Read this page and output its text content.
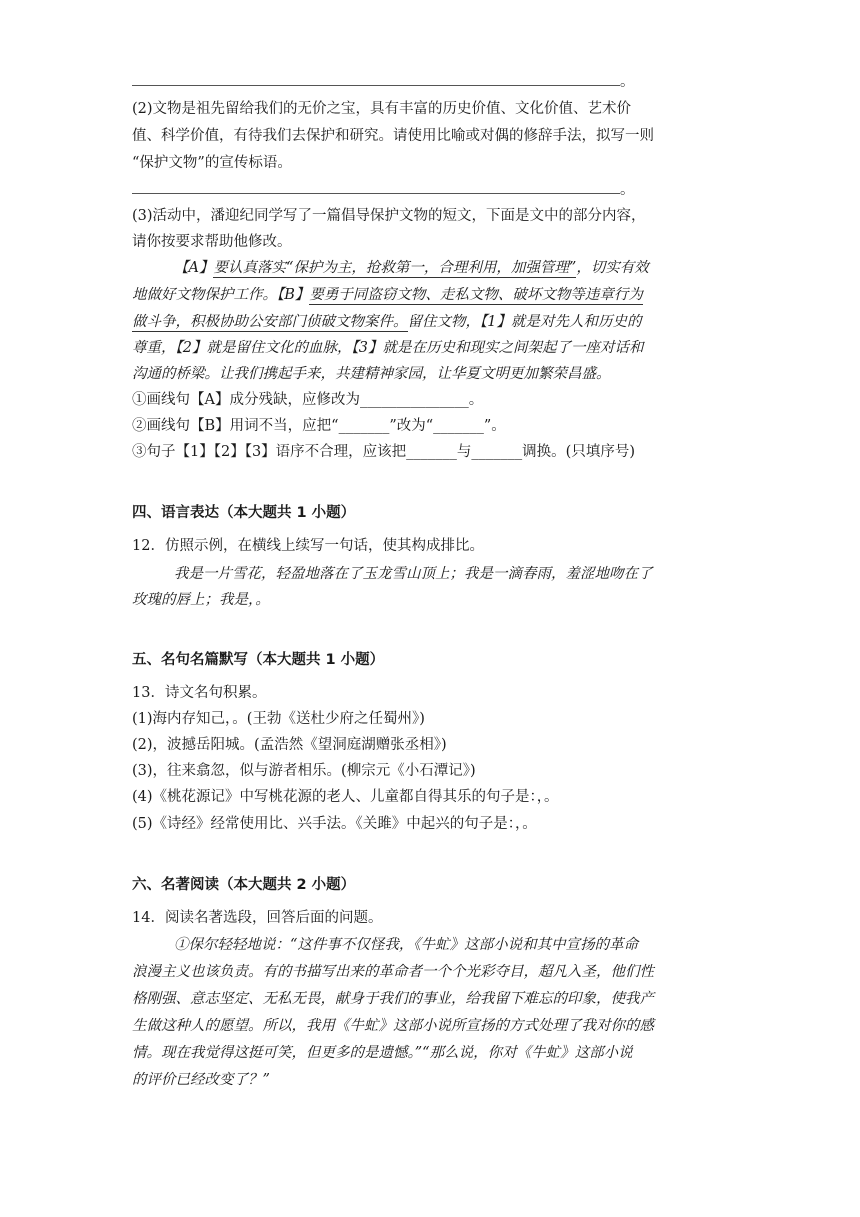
。
(2)文物是祖先留给我们的无价之宝，具有丰富的历史价值、文化价值、艺术价
值、科学价值，有待我们去保护和研究。请使用比喻或对偶的修辞手法，拟写一则
“保护文物”的宣传标语。
。
(3)活动中，潘迎纪同学写了一篇倡导保护文物的短文，下面是文中的部分内容，
请你按要求帮助他修改。
【A】要认真落实“保护为主，抢救第一，合理利用，加强管理”，切实有效
地做好文物保护工作。【B】要勇于同盗窃文物、走私文物、破坏文物等违章行为
做斗争，积极协助公安部门侦破文物案件。留住文物，【1】就是对先人和历史的
尊重，【2】就是留住文化的血脉，【3】就是在历史和现实之间架起了一座对话和
沟通的桥梁。让我们携起手来，共建精神家园，让华夏文明更加繁荣昌盛。
①画线句【A】成分残缺，应修改为_______________。
②画线句【B】用词不当，应把“_______”改为“_______”。
③句子【1】【2】【3】语序不合理，应该把_______与_______调换。(只填序号)
四、语言表达（本大题共 1 小题）
12．仿照示例，在横线上续写一句话，使其构成排比。
我是一片雪花，轻盈地落在了玉龙雪山顶上；我是一滴春雨，羞涩地吻在了
玫瑰的唇上；我是，。
五、名句名篇默写（本大题共 1 小题）
13．诗文名句积累。
(1)海内存知己，。(王勃《送杜少府之任蜀州》)
(2)，波撼岳阳城。(孟浩然《望洞庭湖赠张丞相》)
(3)，往来翕忽，似与游者相乐。(柳宗元《小石潭记》)
(4)《桃花源记》中写桃花源的老人、儿童都自得其乐的句子是：，。
(5)《诗经》经常使用比、兴手法。《关雎》中起兴的句子是：，。
六、名著阅读（本大题共 2 小题）
14．阅读名著选段，回答后面的问题。
①保尔轻轻地说：“这件事不仅怪我，《牛虻》这部小说和其中宣扬的革命
浪漫主义也该负责。有的书描写出来的革命者一个个光彩夺目，超凡入圣，他们性
格刚强、意志坚定、无私无畏，献身于我们的事业，给我留下难忘的印象，使我产
生做这种人的愿望。所以，我用《牛虻》这部小说所宣扬的方式处理了我对你的感
情。现在我觉得这挺可笑，但更多的是遗憾。”“那么说，你对《牛虻》这部小说
的评价已经改变了？”
